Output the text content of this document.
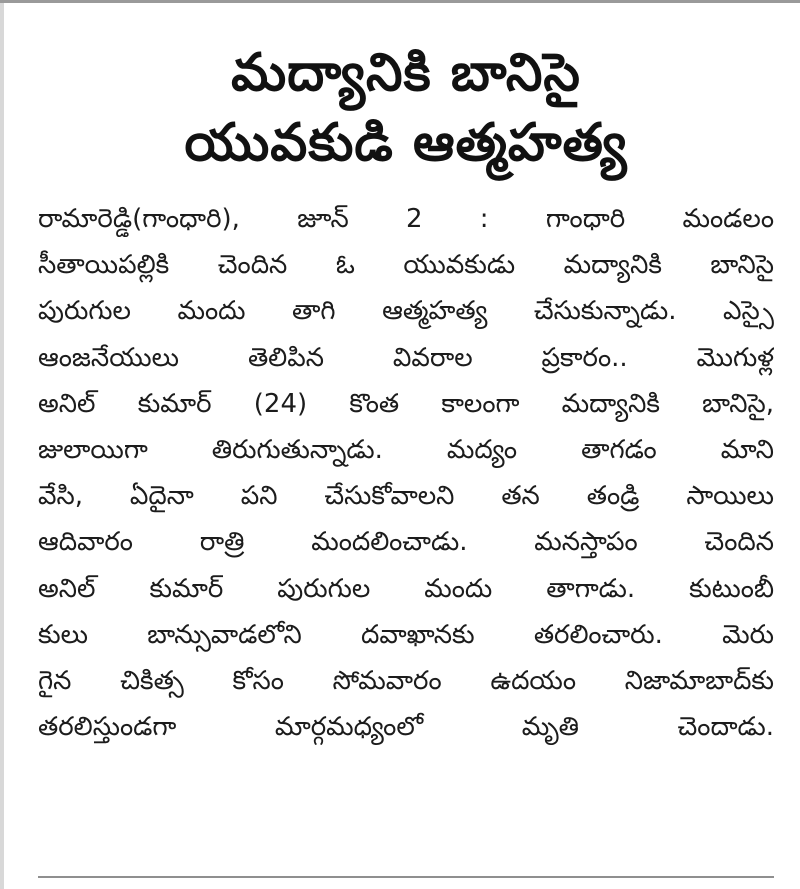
మద్యానికి బానిసై
యువకుడి ఆత్మహత్య
రామారెడ్డి(గాంధారి), జూన్ 2 : గాంధారి మండలం
సీతాయిపల్లికి చెందిన ఓ యువకుడు మద్యానికి బానిసై
పురుగుల మందు తాగి ఆత్మహత్య చేసుకున్నాడు. ఎస్సై
ఆంజనేయులు తెలిపిన వివరాల ప్రకారం.. మొగుళ్ల
అనిల్ కుమార్ (24) కొంత కాలంగా మద్యానికి బానిసై,
జులాయిగా తిరుగుతున్నాడు. మద్యం తాగడం మాని
వేసి, ఏదైనా పని చేసుకోవాలని తన తండ్రి సాయిలు
ఆదివారం రాత్రి మందలించాడు. మనస్తాపం చెందిన
అనిల్ కుమార్ పురుగుల మందు తాగాడు. కుటుంబీ
కులు బాన్సువాడలోని దవాఖానకు తరలించారు. మెరు
గైన చికిత్స కోసం సోమవారం ఉదయం నిజామాబాద్‌కు
తరలిస్తుండగా మార్గమధ్యంలో మృతి చెందాడు.
